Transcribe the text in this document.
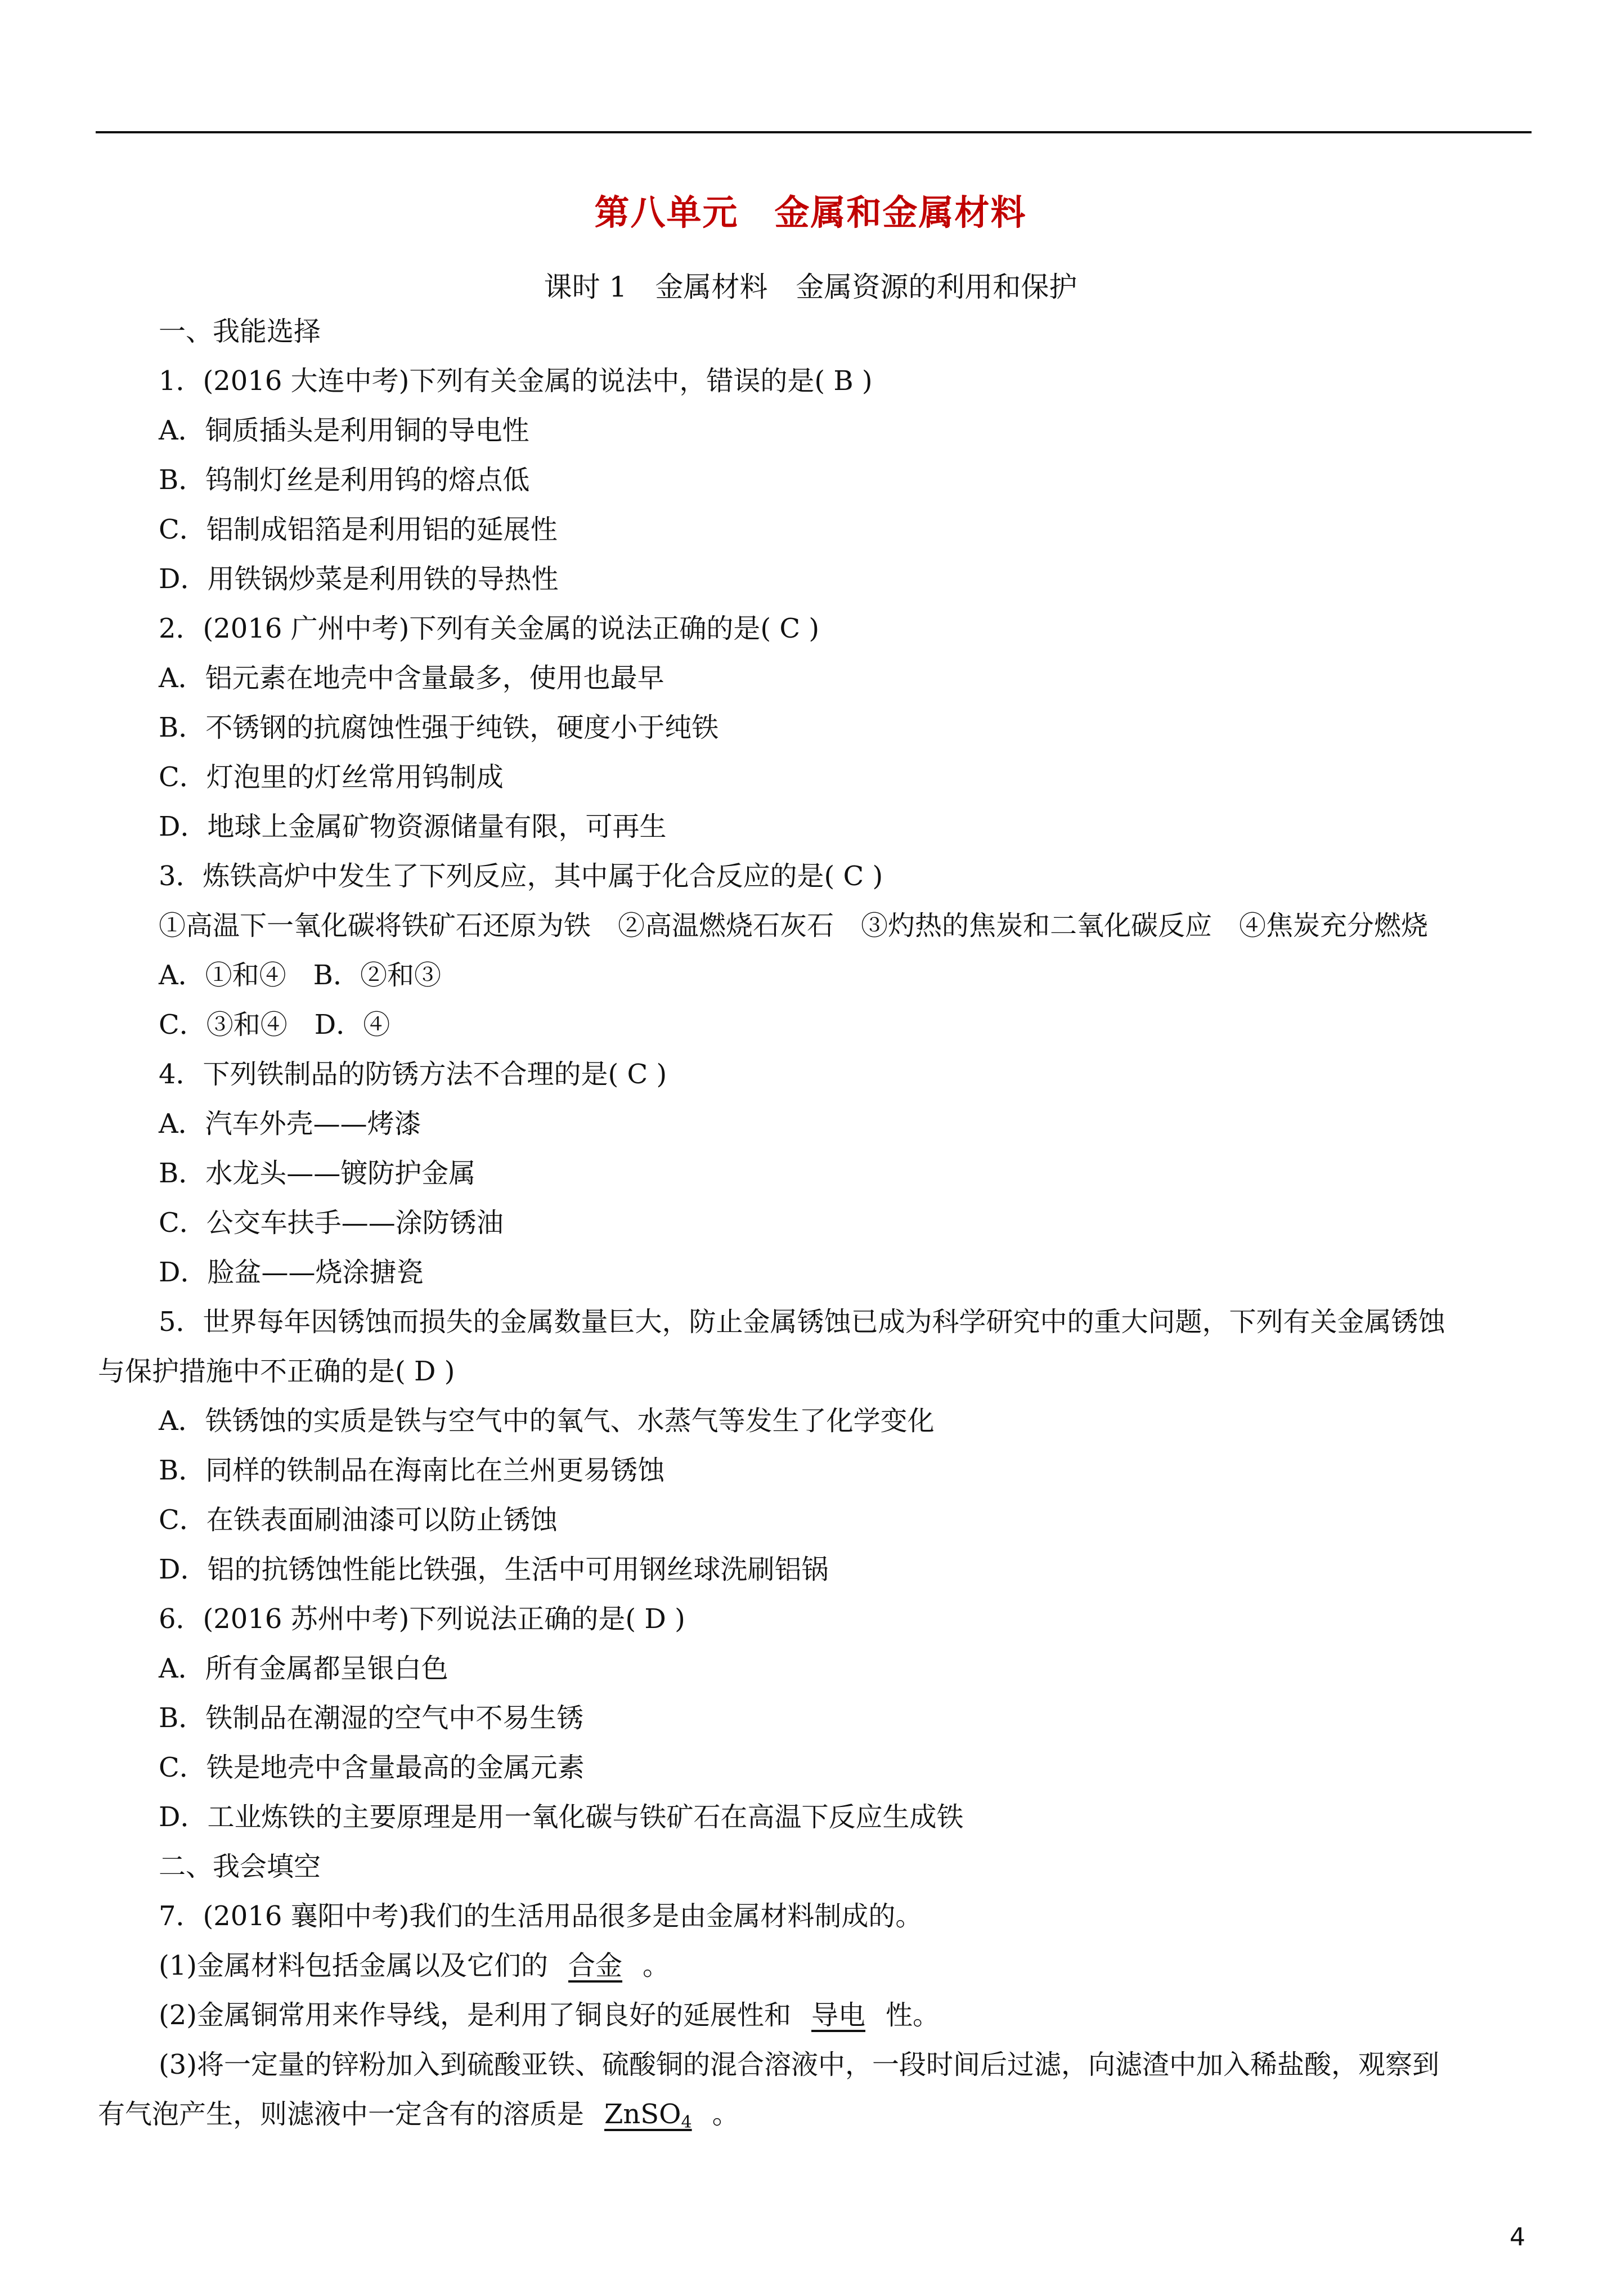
第八单元　金属和金属材料
课时 1　金属材料　金属资源的利用和保护
一、我能选择
1．(2016 大连中考)下列有关金属的说法中，错误的是( B )
A．铜质插头是利用铜的导电性
B．钨制灯丝是利用钨的熔点低
C．铝制成铝箔是利用铝的延展性
D．用铁锅炒菜是利用铁的导热性
2．(2016 广州中考)下列有关金属的说法正确的是( C )
A．铝元素在地壳中含量最多，使用也最早
B．不锈钢的抗腐蚀性强于纯铁，硬度小于纯铁
C．灯泡里的灯丝常用钨制成
D．地球上金属矿物资源储量有限，可再生
3．炼铁高炉中发生了下列反应，其中属于化合反应的是( C )
①高温下一氧化碳将铁矿石还原为铁　②高温燃烧石灰石　③灼热的焦炭和二氧化碳反应　④焦炭充分燃烧
A．①和④　B．②和③
C．③和④　D．④
4．下列铁制品的防锈方法不合理的是( C )
A．汽车外壳——烤漆
B．水龙头——镀防护金属
C．公交车扶手——涂防锈油
D．脸盆——烧涂搪瓷
5．世界每年因锈蚀而损失的金属数量巨大，防止金属锈蚀已成为科学研究中的重大问题，下列有关金属锈蚀
与保护措施中不正确的是( D )
A．铁锈蚀的实质是铁与空气中的氧气、水蒸气等发生了化学变化
B．同样的铁制品在海南比在兰州更易锈蚀
C．在铁表面刷油漆可以防止锈蚀
D．铝的抗锈蚀性能比铁强，生活中可用钢丝球洗刷铝锅
6．(2016 苏州中考)下列说法正确的是( D )
A．所有金属都呈银白色
B．铁制品在潮湿的空气中不易生锈
C．铁是地壳中含量最高的金属元素
D．工业炼铁的主要原理是用一氧化碳与铁矿石在高温下反应生成铁
二、我会填空
7．(2016 襄阳中考)我们的生活用品很多是由金属材料制成的。
(1)金属材料包括金属以及它们的 合金 。
(2)金属铜常用来作导线，是利用了铜良好的延展性和 导电 性。
(3)将一定量的锌粉加入到硫酸亚铁、硫酸铜的混合溶液中，一段时间后过滤，向滤渣中加入稀盐酸，观察到
有气泡产生，则滤液中一定含有的溶质是 ZnSO$_4$ 。
4
